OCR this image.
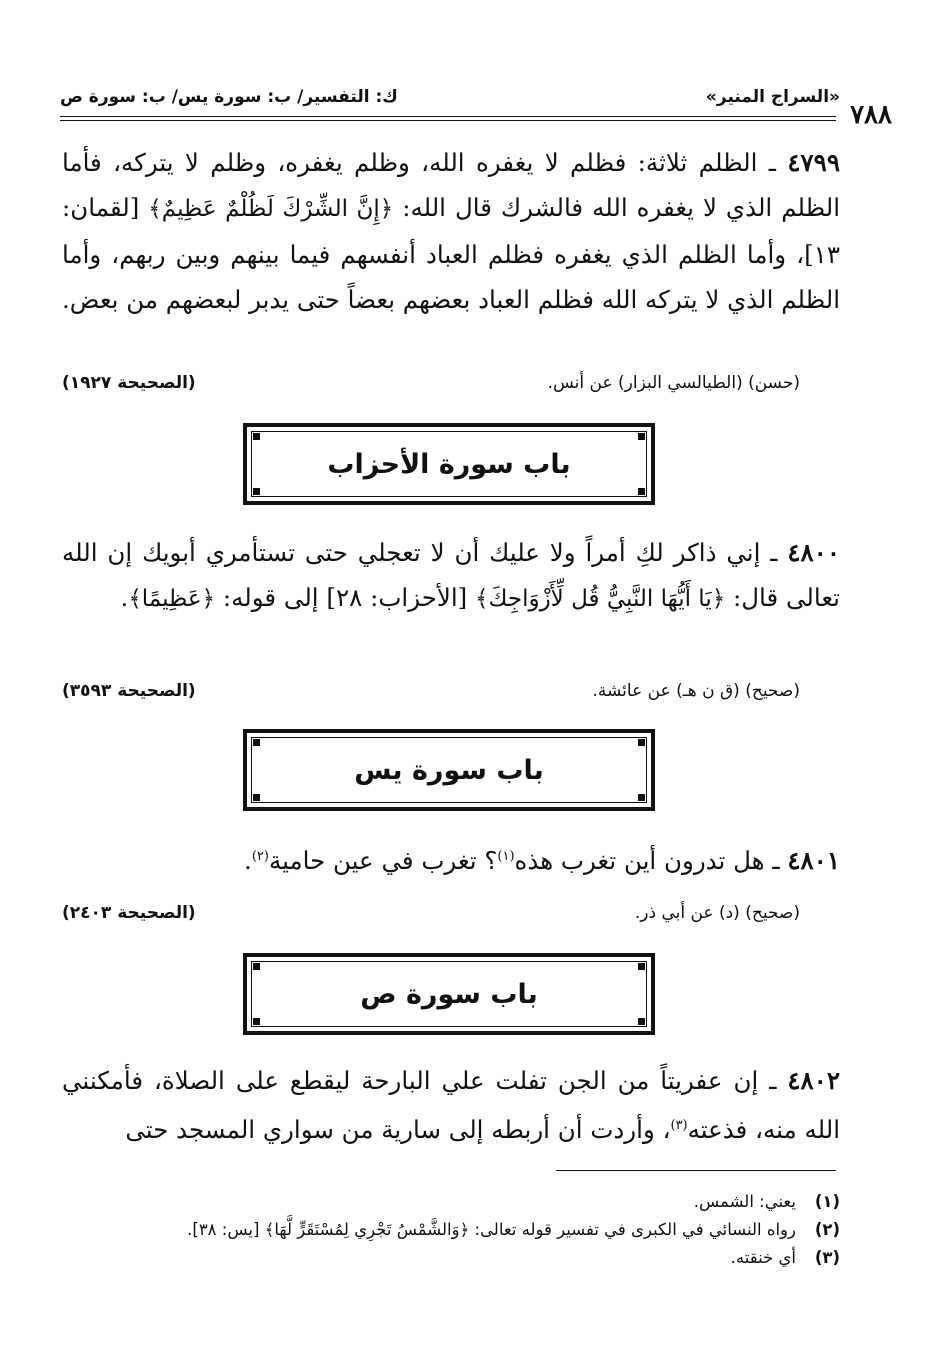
«السراج المنير»
ك: التفسير/ ب: سورة يس/ ب: سورة ص
٧٨٨
٤٧٩٩ ـ الظلم ثلاثة: فظلم لا يغفره الله، وظلم يغفره، وظلم لا يتركه، فأما الظلم الذي لا يغفره الله فالشرك قال الله: ﴿إِنَّ الشِّرْكَ لَظُلْمٌ عَظِيمٌ﴾ [لقمان: ١٣]، وأما الظلم الذي يغفره فظلم العباد أنفسهم فيما بينهم وبين ربهم، وأما الظلم الذي لا يتركه الله فظلم العباد بعضهم بعضاً حتى يدبر لبعضهم من بعض.
(حسن) (الطيالسي البزار) عن أنس.
(الصحيحة ١٩٢٧)
باب سورة الأحزاب
٤٨٠٠ ـ إني ذاكر لكِ أمراً ولا عليك أن لا تعجلي حتى تستأمري أبويك إن الله تعالى قال: ﴿يَا أَيُّهَا النَّبِيُّ قُل لِّأَزْوَاجِكَ﴾ [الأحزاب: ٢٨] إلى قوله: ﴿عَظِيمًا﴾.
(صحيح) (ق ن هـ) عن عائشة.
(الصحيحة ٣٥٩٣)
باب سورة يس
٤٨٠١ ـ هل تدرون أين تغرب هذه$^{(١)}$؟ تغرب في عين حامية$^{(٢)}$.
(صحيح) (د) عن أبي ذر.
(الصحيحة ٢٤٠٣)
باب سورة ص
٤٨٠٢ ـ إن عفريتاً من الجن تفلت علي البارحة ليقطع على الصلاة، فأمكنني الله منه، فذعته$^{(٣)}$، وأردت أن أربطه إلى سارية من سواري المسجد حتى
(١)
يعني: الشمس.
(٢)
رواه النسائي في الكبرى في تفسير قوله تعالى: ﴿وَالشَّمْسُ تَجْرِي لِمُسْتَقَرٍّ لَّهَا﴾ [يس: ٣٨].
(٣)
أي خنقته.
